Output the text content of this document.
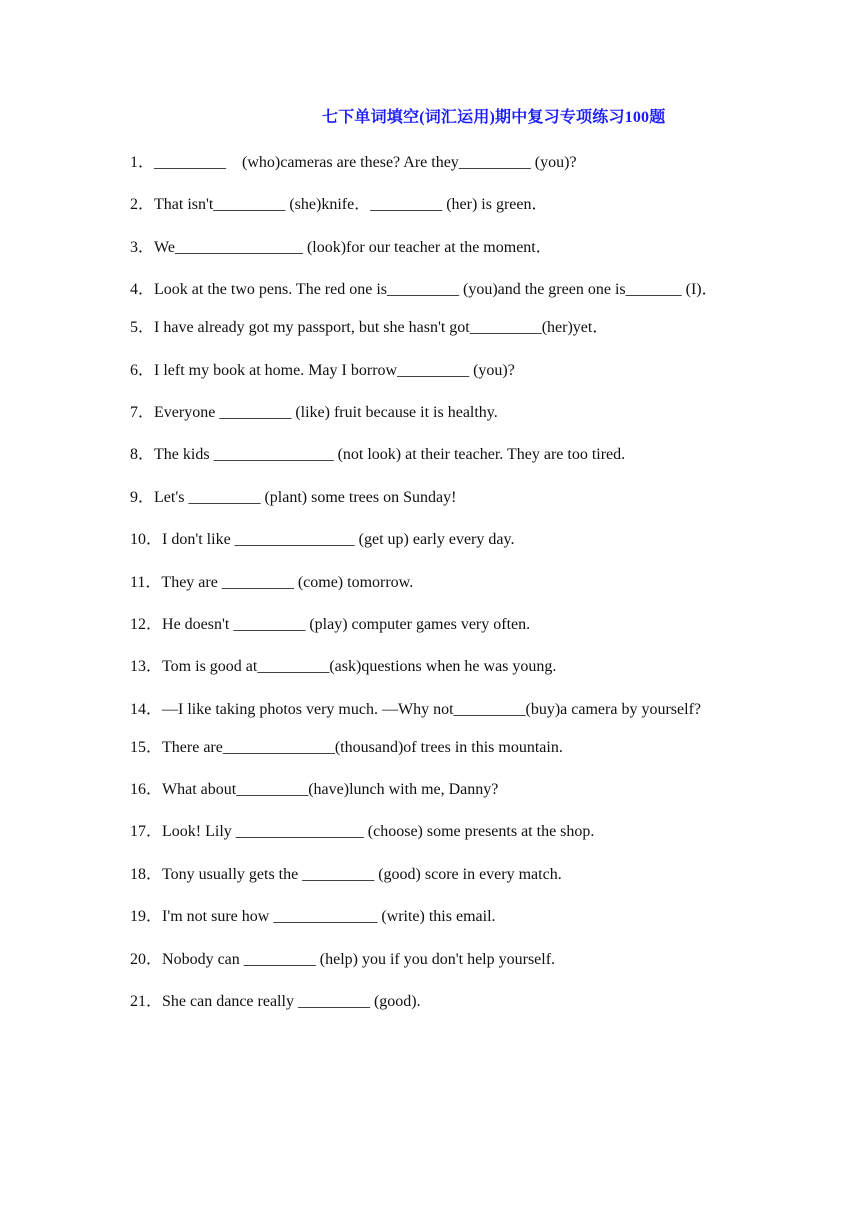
七下单词填空(词汇运用)期中复习专项练习100题

1．_________　(who)cameras are these? Are they_________ (you)?

2．That isn't_________ (she)knife．_________ (her) is green．

3．We________________ (look)for our teacher at the moment．

4．Look at the two pens. The red one is_________ (you)and the green one is_______ (I)．

5．I have already got my passport, but she hasn't got_________(her)yet．

6．I left my book at home. May I borrow_________ (you)?

7．Everyone _________ (like) fruit because it is healthy.

8．The kids _______________ (not look) at their teacher. They are too tired.

9．Let's _________ (plant) some trees on Sunday!

10．I don't like _______________ (get up) early every day.

11．They are _________ (come) tomorrow.

12．He doesn't _________ (play) computer games very often.

13．Tom is good at_________(ask)questions when he was young.

14．—I like taking photos very much. —Why not_________(buy)a camera by yourself?

15．There are______________(thousand)of trees in this mountain.

16．What about_________(have)lunch with me, Danny?

17．Look! Lily ________________ (choose) some presents at the shop.

18．Tony usually gets the _________ (good) score in every match.

19．I'm not sure how _____________ (write) this email.

20．Nobody can _________ (help) you if you don't help yourself.

21．She can dance really _________ (good).
